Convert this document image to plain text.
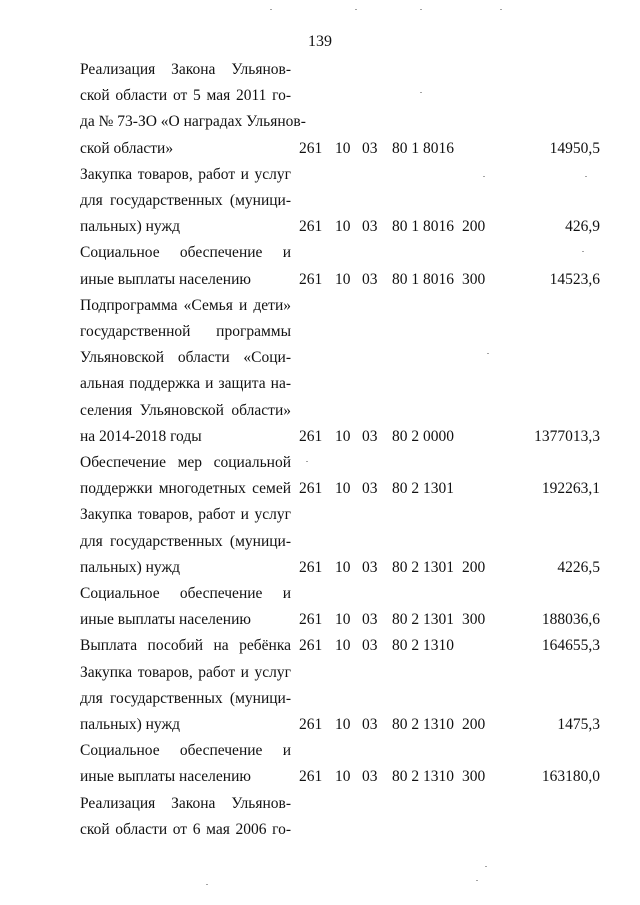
139
Реализация Закона Ульянов-
ской области от 5 мая 2011 го-
да № 73-ЗО «О наградах Ульянов-
ской области»	261 10 03 80 1 8016	14950,5
Закупка товаров, работ и услуг
для государственных (муници-
пальных) нужд	261 10 03 80 1 8016 200	426,9
Социальное обеспечение и
иные выплаты населению	261 10 03 80 1 8016 300	14523,6
Подпрограмма «Семья и дети»
государственной программы
Ульяновской области «Соци-
альная поддержка и защита на-
селения Ульяновской области»
на 2014-2018 годы	261 10 03 80 2 0000	1377013,3
Обеспечение мер социальной
поддержки многодетных семей 261 10 03 80 2 1301	192263,1
Закупка товаров, работ и услуг
для государственных (муници-
пальных) нужд	261 10 03 80 2 1301 200	4226,5
Социальное обеспечение и
иные выплаты населению	261 10 03 80 2 1301 300	188036,6
Выплата пособий на ребёнка 261 10 03 80 2 1310	164655,3
Закупка товаров, работ и услуг
для государственных (муници-
пальных) нужд	261 10 03 80 2 1310 200	1475,3
Социальное обеспечение и
иные выплаты населению	261 10 03 80 2 1310 300	163180,0
Реализация Закона Ульянов-
ской области от 6 мая 2006 го-
